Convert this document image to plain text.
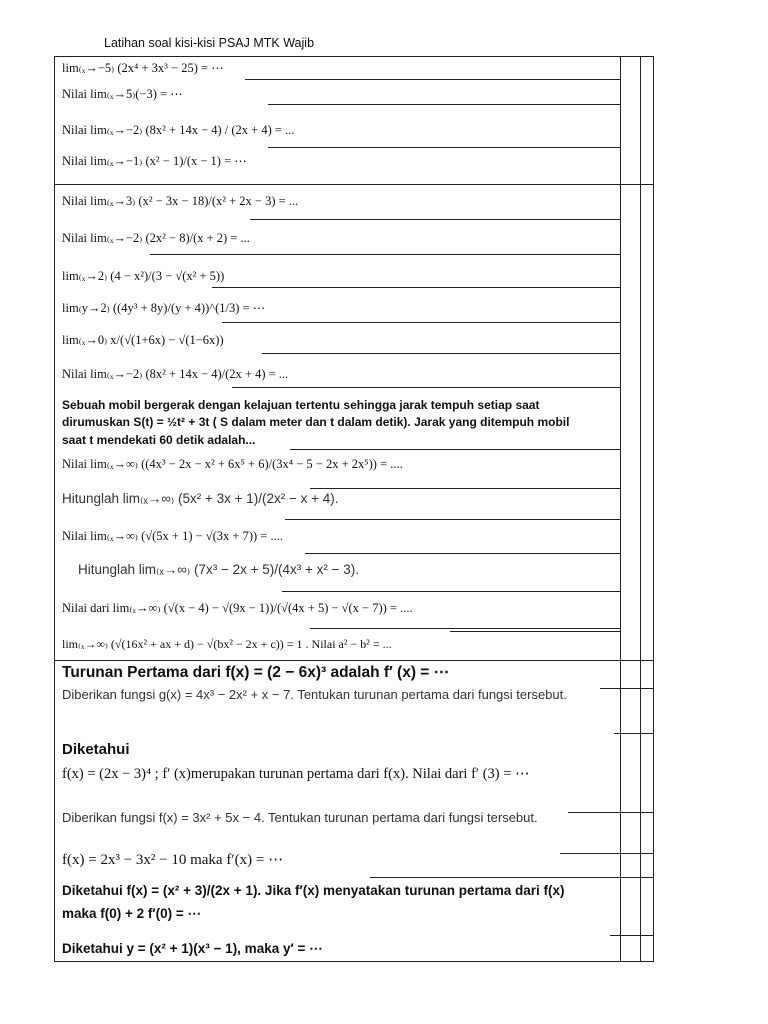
Latihan soal kisi-kisi PSAJ MTK Wajib
lim₍ₓ→−5₎ (2x⁴ + 3x³ − 25) = ⋯
Nilai lim₍ₓ→5₎(−3) = ⋯
Nilai lim₍ₓ→−2₎ (8x² + 14x − 4) / (2x + 4) = ...
Nilai lim₍ₓ→−1₎ (x² − 1)/(x − 1) = ⋯
Nilai lim₍ₓ→3₎ (x² − 3x − 18)/(x² + 2x − 3) = ...
Nilai lim₍ₓ→−2₎ (2x² − 8)/(x + 2) = ...
lim₍ₓ→2₎ (4 − x²)/(3 − √(x² + 5))
lim₍y→2₎ ((4y³ + 8y)/(y + 4))^(1/3) = ⋯
lim₍ₓ→0₎ x/(√(1+6x) − √(1−6x))
Nilai lim₍ₓ→−2₎ (8x² + 14x − 4)/(2x + 4) = ...
Sebuah mobil bergerak dengan kelajuan tertentu sehingga jarak tempuh setiap saat dirumuskan S(t) = ½t² + 3t ( S dalam meter dan t dalam detik). Jarak yang ditempuh mobil saat t mendekati 60 detik adalah...
Nilai lim₍ₓ→∞₎ ((4x³ − 2x − x² + 6x⁵ + 6)/(3x⁴ − 5 − 2x + 2x⁵)) = ....
Hitunglah lim₍ₓ→∞₎ (5x² + 3x + 1)/(2x² − x + 4).
Nilai lim₍ₓ→∞₎ (√(5x + 1) − √(3x + 7)) = ....
Hitunglah lim₍ₓ→∞₎ (7x³ − 2x + 5)/(4x³ + x² − 3).
Nilai dari lim₍ₓ→∞₎ (√(x − 4) − √(9x − 1))/(√(4x + 5) − √(x − 7)) = ....
lim₍ₓ→∞₎ (√(16x² + ax + d) − √(bx² − 2x + c)) = 1 . Nilai a² − b² = ...
Turunan Pertama dari f(x) = (2 − 6x)³ adalah f′ (x) = ⋯
Diberikan fungsi g(x) = 4x³ − 2x² + x − 7. Tentukan turunan pertama dari fungsi tersebut.
Diketahui
f(x) = (2x − 3)⁴ ; f′ (x)merupakan turunan pertama dari f(x). Nilai dari f′ (3) = ⋯
Diberikan fungsi f(x) = 3x² + 5x − 4. Tentukan turunan pertama dari fungsi tersebut.
f(x) = 2x³ − 3x² − 10 maka f′(x) = ⋯
Diketahui f(x) = (x² + 3)/(2x + 1). Jika f′(x) menyatakan turunan pertama dari f(x) maka f(0) + 2 f′(0) = ⋯
Diketahui y = (x² + 1)(x³ − 1), maka y′ = ⋯
